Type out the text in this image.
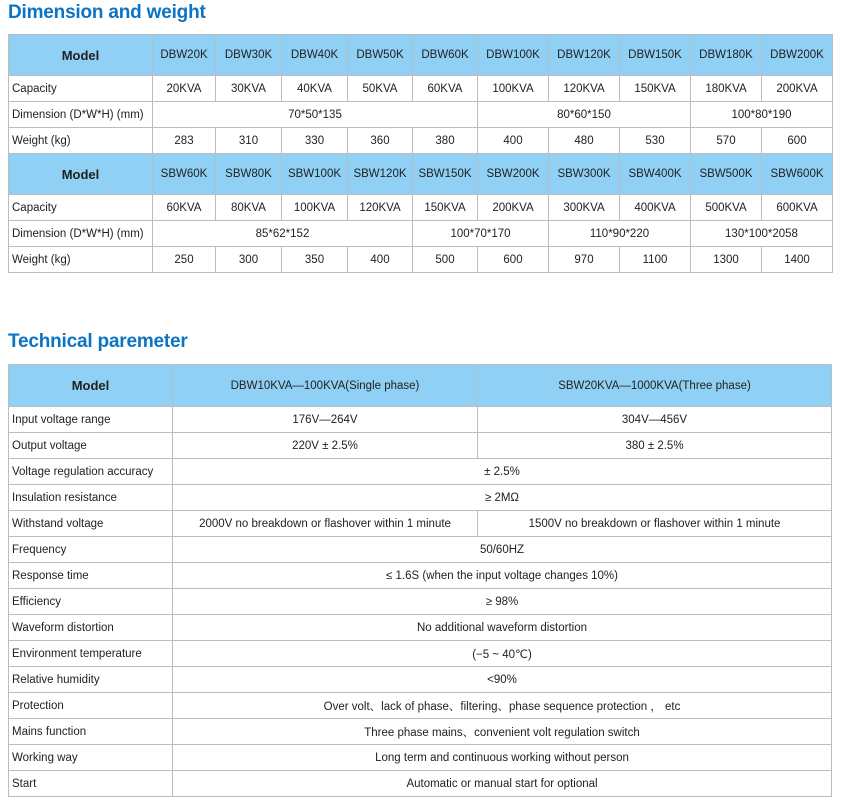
Dimension and weight
Model	DBW20K	DBW30K	DBW40K	DBW50K	DBW60K	DBW100K	DBW120K	DBW150K	DBW180K	DBW200K
Capacity	20KVA	30KVA	40KVA	50KVA	60KVA	100KVA	120KVA	150KVA	180KVA	200KVA
Dimension (D*W*H) (mm)	70*50*135					80*60*150			100*80*190	
Weight (kg)	283	310	330	360	380	400	480	530	570	600
Model	SBW60K	SBW80K	SBW100K	SBW120K	SBW150K	SBW200K	SBW300K	SBW400K	SBW500K	SBW600K
Capacity	60KVA	80KVA	100KVA	120KVA	150KVA	200KVA	300KVA	400KVA	500KVA	600KVA
Dimension (D*W*H) (mm)	85*62*152				100*70*170		110*90*220		130*100*2058	
Weight (kg)	250	300	350	400	500	600	970	1100	1300	1400
Technical paremeter
Model	DBW10KVA—100KVA(Single phase)	SBW20KVA—1000KVA(Three phase)
Input voltage range	176V—264V	304V—456V
Output voltage	220V ± 2.5%	380 ± 2.5%
Voltage regulation accuracy	± 2.5%	
Insulation resistance	≥ 2MΩ	
Withstand voltage	2000V no breakdown or flashover within 1 minute	1500V no breakdown or flashover within 1 minute
Frequency	50/60HZ	
Response time	≤ 1.6S (when the input voltage changes 10%)	
Efficiency	≥ 98%	
Waveform distortion	No additional waveform distortion	
Environment temperature	(−5 ~ 40℃)	
Relative humidity	<90%	
Protection	Over volt、lack of phase、filtering、phase sequence protection ， etc	
Mains function	Three phase mains、convenient volt regulation switch	
Working way	Long term and continuous working without person	
Start	Automatic or manual start for optional	
